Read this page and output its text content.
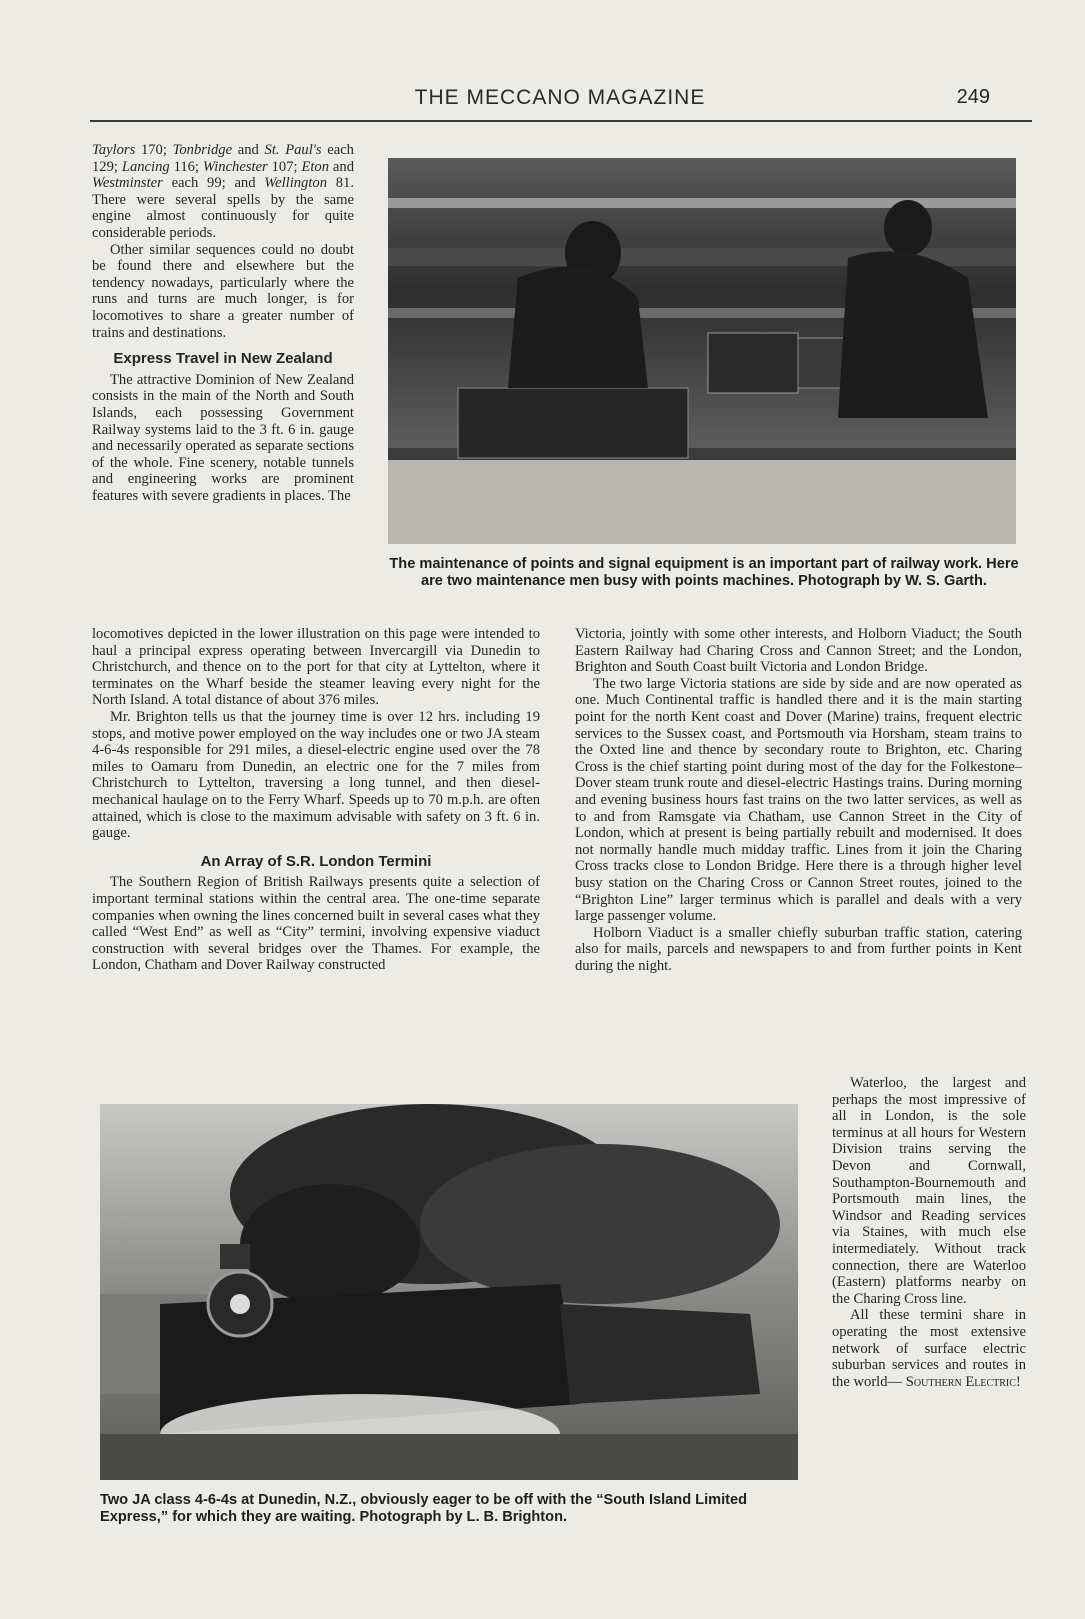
THE MECCANO MAGAZINE	249

Taylors 170; Tonbridge and St. Paul's each 129; Lancing 116; Winchester 107; Eton and Westminster each 99; and Wellington 81. There were several spells by the same engine almost continuously for quite considerable periods.

Other similar sequences could no doubt be found there and elsewhere but the tendency nowadays, particularly where the runs and turns are much longer, is for locomotives to share a greater number of trains and destinations.

Express Travel in New Zealand

The attractive Dominion of New Zealand consists in the main of the North and South Islands, each possessing Government Railway systems laid to the 3 ft. 6 in. gauge and necessarily operated as separate sections of the whole. Fine scenery, notable tunnels and engineering works are prominent features with severe gradients in places. The

The maintenance of points and signal equipment is an important part of railway work. Here are two maintenance men busy with points machines. Photograph by W. S. Garth.

locomotives depicted in the lower illustration on this page were intended to haul a principal express operating between Invercargill via Dunedin to Christchurch, and thence on to the port for that city at Lyttelton, where it terminates on the Wharf beside the steamer leaving every night for the North Island. A total distance of about 376 miles.

Mr. Brighton tells us that the journey time is over 12 hrs. including 19 stops, and motive power employed on the way includes one or two JA steam 4-6-4s responsible for 291 miles, a diesel-electric engine used over the 78 miles to Oamaru from Dunedin, an electric one for the 7 miles from Christchurch to Lyttelton, traversing a long tunnel, and then diesel-mechanical haulage on to the Ferry Wharf. Speeds up to 70 m.p.h. are often attained, which is close to the maximum advisable with safety on 3 ft. 6 in. gauge.

An Array of S.R. London Termini

The Southern Region of British Railways presents quite a selection of important terminal stations within the central area. The one-time separate companies when owning the lines concerned built in several cases what they called “West End” as well as “City” termini, involving expensive viaduct construction with several bridges over the Thames. For example, the London, Chatham and Dover Railway constructed

Victoria, jointly with some other interests, and Holborn Viaduct; the South Eastern Railway had Charing Cross and Cannon Street; and the London, Brighton and South Coast built Victoria and London Bridge.

The two large Victoria stations are side by side and are now operated as one. Much Continental traffic is handled there and it is the main starting point for the north Kent coast and Dover (Marine) trains, frequent electric services to the Sussex coast, and Portsmouth via Horsham, steam trains to the Oxted line and thence by secondary route to Brighton, etc. Charing Cross is the chief starting point during most of the day for the Folkestone–Dover steam trunk route and diesel-electric Hastings trains. During morning and evening business hours fast trains on the two latter services, as well as to and from Ramsgate via Chatham, use Cannon Street in the City of London, which at present is being partially rebuilt and modernised. It does not normally handle much midday traffic. Lines from it join the Charing Cross tracks close to London Bridge. Here there is a through higher level busy station on the Charing Cross or Cannon Street routes, joined to the “Brighton Line” larger terminus which is parallel and deals with a very large passenger volume.

Holborn Viaduct is a smaller chiefly suburban traffic station, catering also for mails, parcels and newspapers to and from further points in Kent during the night.

Two JA class 4-6-4s at Dunedin, N.Z., obviously eager to be off with the “South Island Limited Express,” for which they are waiting. Photograph by L. B. Brighton.

Waterloo, the largest and perhaps the most impressive of all in London, is the sole terminus at all hours for Western Division trains serving the Devon and Cornwall, Southampton-Bournemouth and Portsmouth main lines, the Windsor and Reading services via Staines, with much else intermediately. Without track connection, there are Waterloo (Eastern) platforms nearby on the Charing Cross line.

All these termini share in operating the most extensive network of surface electric suburban services and routes in the world— Southern Electric!
